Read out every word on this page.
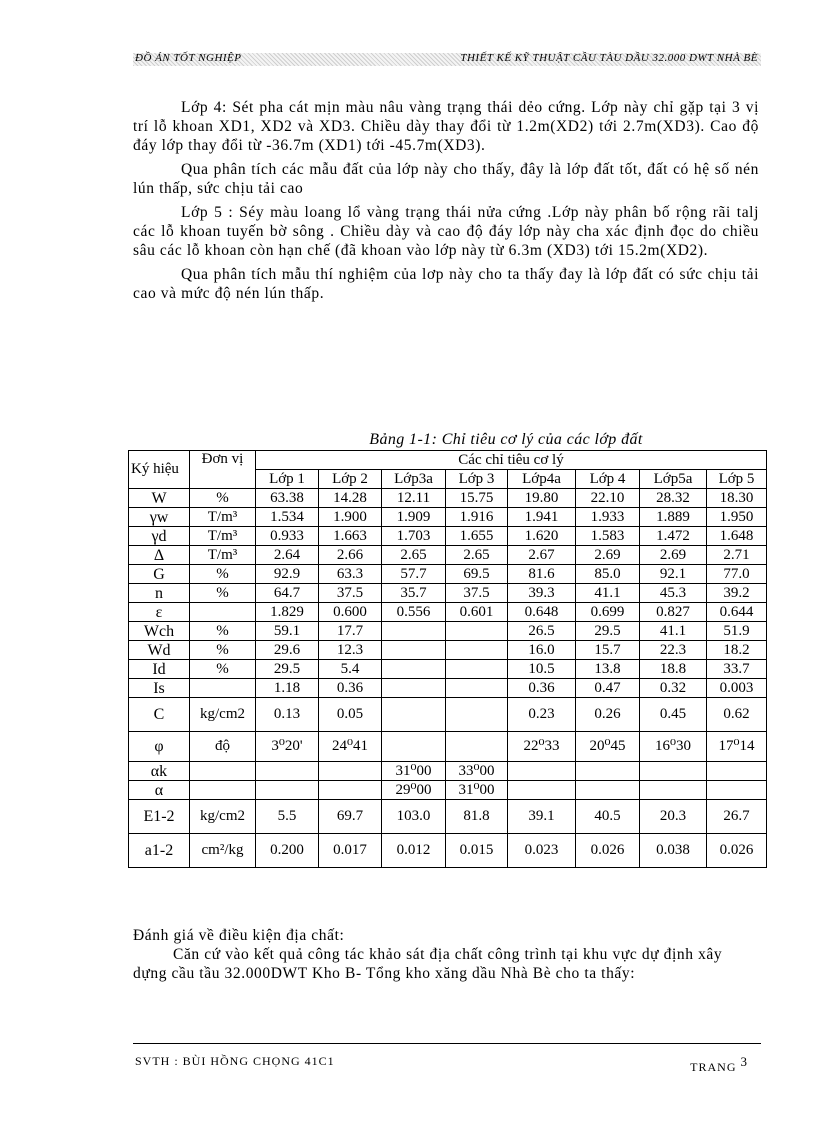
ĐỒ ÁN TỐT NGHIỆP	THIẾT KẾ KỸ THUẬT CẦU TÀU DẦU 32.000 DWT NHÀ BÈ

Lớp 4: Sét pha cát mịn màu nâu vàng trạng thái dẻo cứng. Lớp này chỉ gặp tại 3 vị trí lỗ khoan XD1, XD2 và XD3. Chiều dày thay đổi từ 1.2m(XD2) tới 2.7m(XD3). Cao độ đáy lớp thay đổi từ -36.7m (XD1) tới -45.7m(XD3).

Qua phân tích các mẫu đất của lớp này cho thấy, đây là lớp đất tốt, đất có hệ số nén lún thấp, sức chịu tải cao

Lớp 5 : Séy màu loang lổ vàng trạng thái nửa cứng .Lớp này phân bố rộng rãi talj các lỗ khoan tuyến bờ sông . Chiều dày và cao độ đáy lớp này cha xác định đọc do chiều sâu các lỗ khoan còn hạn chế (đã khoan vào lớp này từ 6.3m (XD3) tới 15.2m(XD2).

Qua phân tích mẫu thí nghiệm của lơp này cho ta thấy đay là lớp đất có sức chịu tải cao và mức độ nén lún thấp.

Bảng 1-1: Chỉ tiêu cơ lý của các lớp đất
Ký hiệu	Đơn vị	Các chỉ tiêu cơ lý							
		Lớp 1	Lớp 2	Lớp3a	Lớp 3	Lớp4a	Lớp 4	Lớp5a	Lớp 5
W	%	63.38	14.28	12.11	15.75	19.80	22.10	28.32	18.30
γw	T/m³	1.534	1.900	1.909	1.916	1.941	1.933	1.889	1.950
γd	T/m³	0.933	1.663	1.703	1.655	1.620	1.583	1.472	1.648
Δ	T/m³	2.64	2.66	2.65	2.65	2.67	2.69	2.69	2.71
G	%	92.9	63.3	57.7	69.5	81.6	85.0	92.1	77.0
n	%	64.7	37.5	35.7	37.5	39.3	41.1	45.3	39.2
ε		1.829	0.600	0.556	0.601	0.648	0.699	0.827	0.644
Wch	%	59.1	17.7			26.5	29.5	41.1	51.9
Wd	%	29.6	12.3			16.0	15.7	22.3	18.2
Id	%	29.5	5.4			10.5	13.8	18.8	33.7
Is		1.18	0.36			0.36	0.47	0.32	0.003
C	kg/cm2	0.13	0.05			0.23	0.26	0.45	0.62
φ	độ	3⁰20'	24⁰41			22⁰33	20⁰45	16⁰30	17⁰14
αk				31⁰00	33⁰00				
α				29⁰00	31⁰00				
E1-2	kg/cm2	5.5	69.7	103.0	81.8	39.1	40.5	20.3	26.7
a1-2	cm²/kg	0.200	0.017	0.012	0.015	0.023	0.026	0.038	0.026

Đánh giá về điều kiện địa chất:

Căn cứ vào kết quả công tác khảo sát địa chất công trình tại khu vực dự định xây dựng cầu tầu 32.000DWT Kho B- Tổng kho xăng dầu Nhà Bè cho ta thấy:

SVTH : BÙI HỒNG CHỌNG 41C1	TRANG 3
